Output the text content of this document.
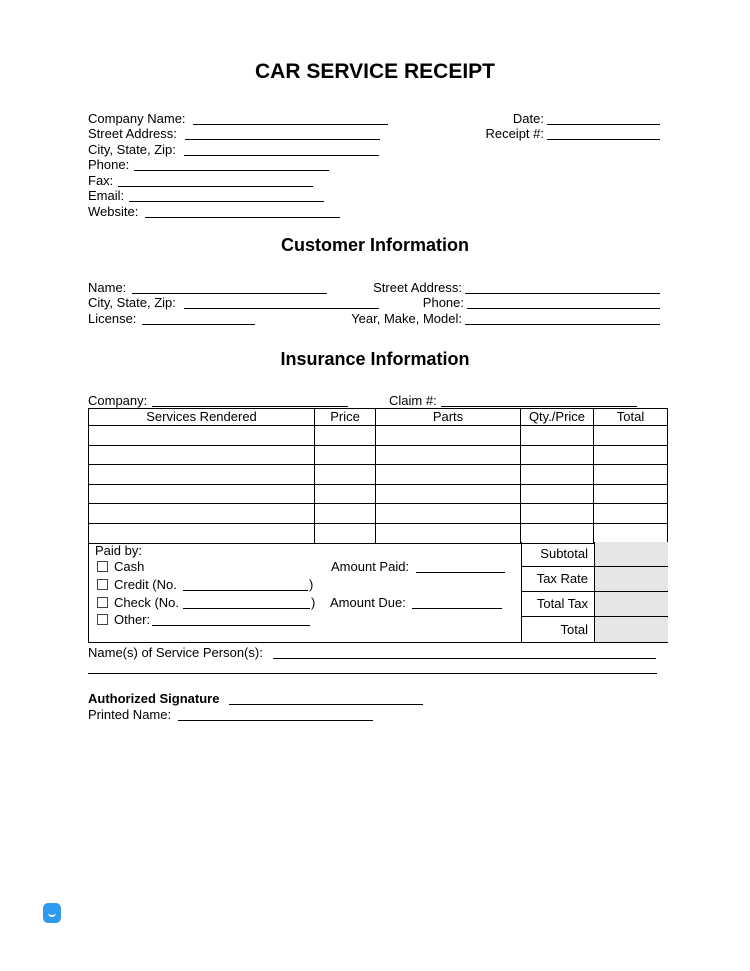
CAR SERVICE RECEIPT
Company Name:
Street Address:
City, State, Zip:
Phone:
Fax:
Email:
Website:
Date:
Receipt #:
Customer Information
Name:
City, State, Zip:
License:
Street Address:
Phone:
Year, Make, Model:
Insurance Information
Company:	Claim #:
Services Rendered	Price	Parts	Qty./Price	Total

Paid by:
Cash
Credit (No.	)
Check (No.	)
Other:
Amount Paid:
Amount Due:
Subtotal
Tax Rate
Total Tax
Total
Name(s) of Service Person(s):
Authorized Signature
Printed Name:
